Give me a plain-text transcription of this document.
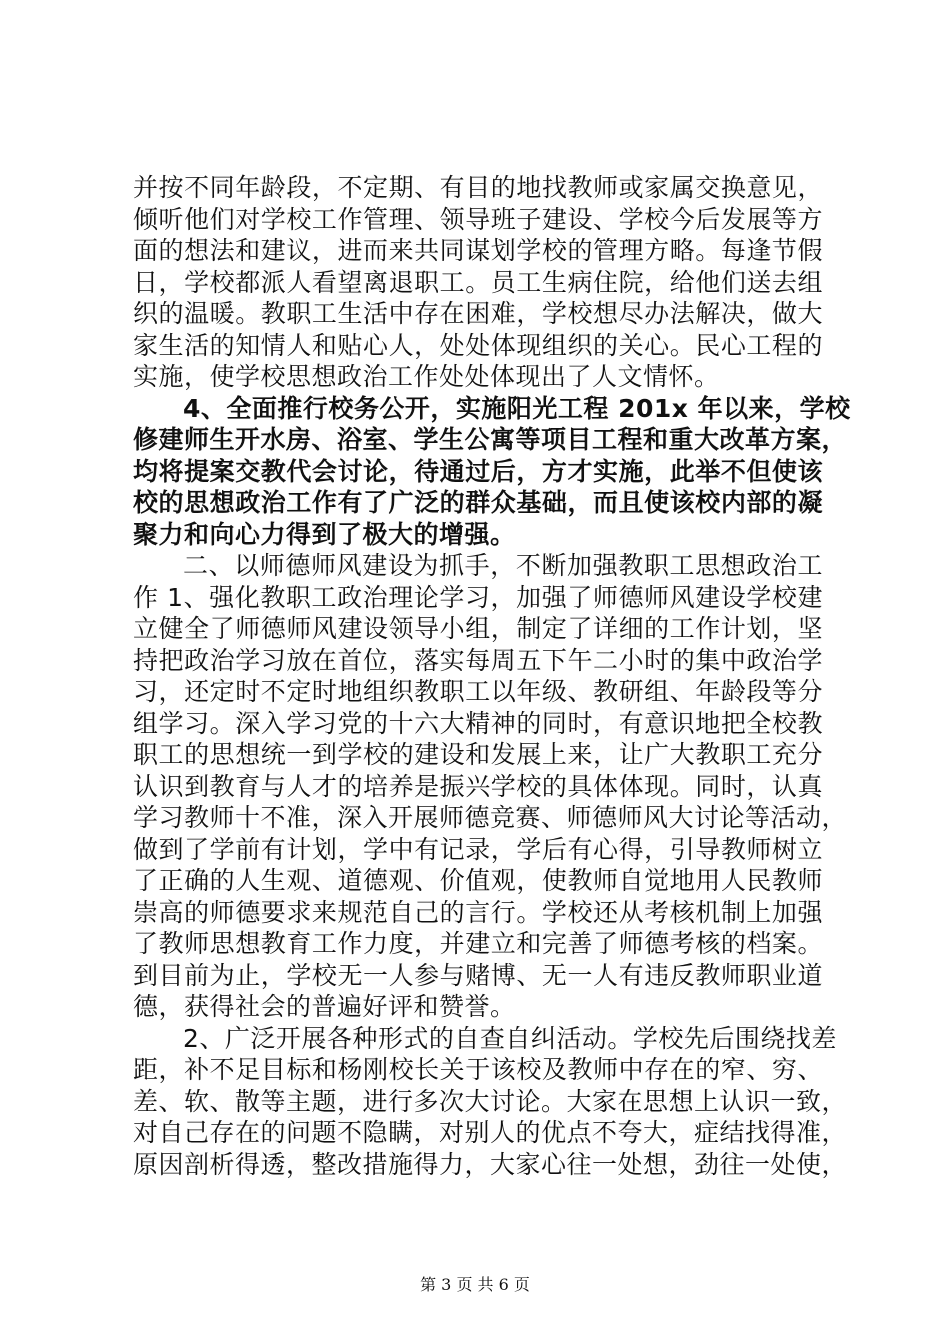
并按不同年龄段，不定期、有目的地找教师或家属交换意见，
倾听他们对学校工作管理、领导班子建设、学校今后发展等方
面的想法和建议，进而来共同谋划学校的管理方略。每逢节假
日，学校都派人看望离退职工。员工生病住院，给他们送去组
织的温暖。教职工生活中存在困难，学校想尽办法解决，做大
家生活的知情人和贴心人，处处体现组织的关心。民心工程的
实施，使学校思想政治工作处处体现出了人文情怀。
4、全面推行校务公开，实施阳光工程 201x 年以来，学校
修建师生开水房、浴室、学生公寓等项目工程和重大改革方案，
均将提案交教代会讨论，待通过后，方才实施，此举不但使该
校的思想政治工作有了广泛的群众基础，而且使该校内部的凝
聚力和向心力得到了极大的增强。
二、以师德师风建设为抓手，不断加强教职工思想政治工
作 1、强化教职工政治理论学习，加强了师德师风建设学校建
立健全了师德师风建设领导小组，制定了详细的工作计划，坚
持把政治学习放在首位，落实每周五下午二小时的集中政治学
习，还定时不定时地组织教职工以年级、教研组、年龄段等分
组学习。深入学习党的十六大精神的同时，有意识地把全校教
职工的思想统一到学校的建设和发展上来，让广大教职工充分
认识到教育与人才的培养是振兴学校的具体体现。同时，认真
学习教师十不准，深入开展师德竞赛、师德师风大讨论等活动，
做到了学前有计划，学中有记录，学后有心得，引导教师树立
了正确的人生观、道德观、价值观，使教师自觉地用人民教师
崇高的师德要求来规范自己的言行。学校还从考核机制上加强
了教师思想教育工作力度，并建立和完善了师德考核的档案。
到目前为止，学校无一人参与赌博、无一人有违反教师职业道
德，获得社会的普遍好评和赞誉。
2、广泛开展各种形式的自查自纠活动。学校先后围绕找差
距，补不足目标和杨刚校长关于该校及教师中存在的窄、穷、
差、软、散等主题，进行多次大讨论。大家在思想上认识一致，
对自己存在的问题不隐瞒，对别人的优点不夸大，症结找得准，
原因剖析得透，整改措施得力，大家心往一处想，劲往一处使，
第 3 页 共 6 页
